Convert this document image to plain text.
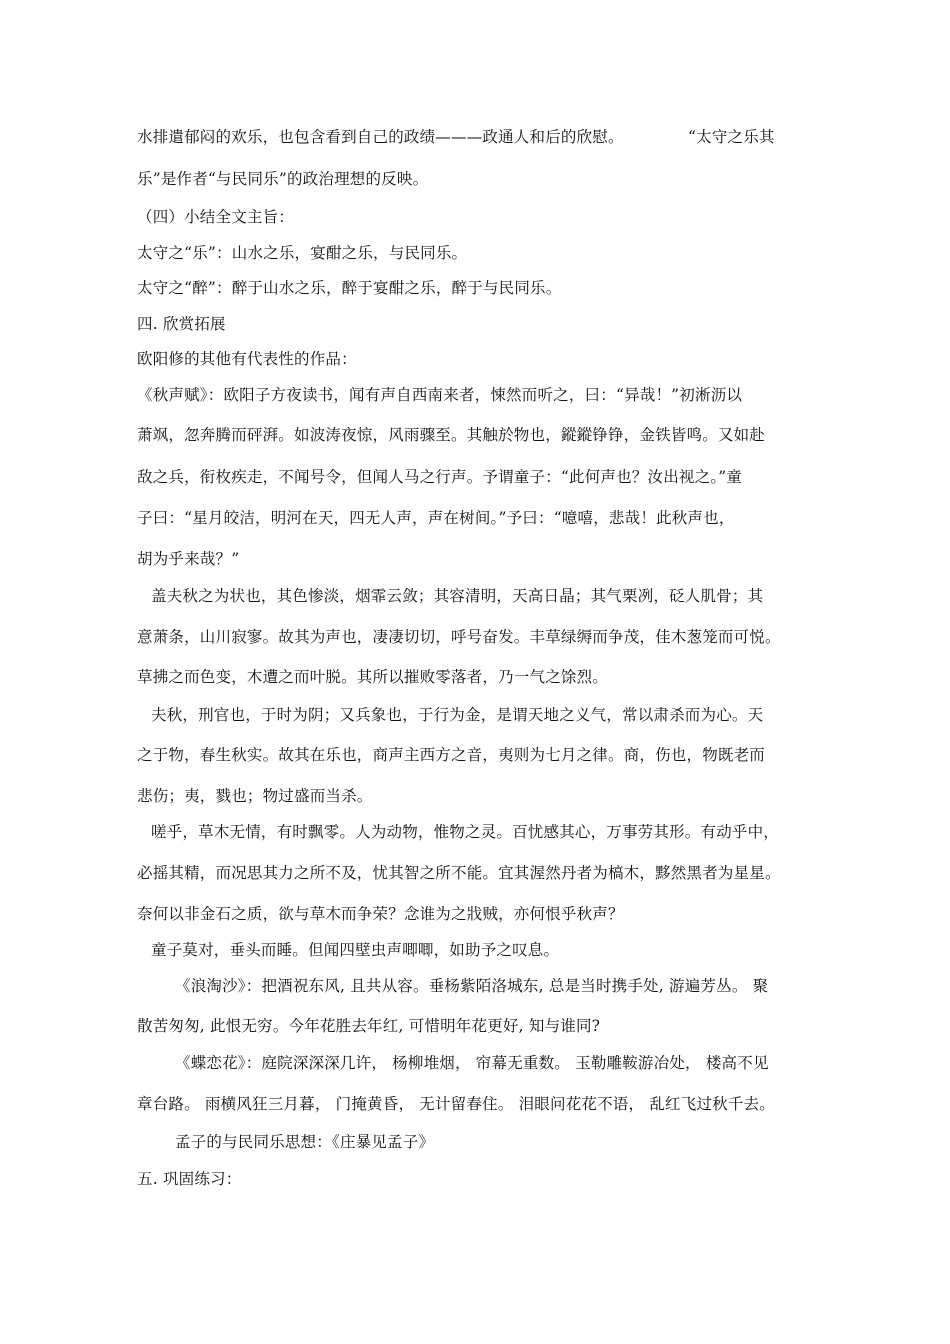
水排遣郁闷的欢乐，也包含看到自己的政绩———政通人和后的欣慰。	“太守之乐其
乐”是作者“与民同乐”的政治理想的反映。
（四）小结全文主旨：
太守之“乐”：山水之乐，宴酣之乐，与民同乐。
太守之“醉”：醉于山水之乐，醉于宴酣之乐，醉于与民同乐。
四. 欣赏拓展
欧阳修的其他有代表性的作品：
《秋声赋》：欧阳子方夜读书，闻有声自西南来者，悚然而听之，曰：“异哉！”初淅沥以
萧飒，忽奔腾而砰湃。如波涛夜惊，风雨骤至。其触於物也，鏦鏦铮铮，金铁皆鸣。又如赴
敌之兵，衔枚疾走，不闻号令，但闻人马之行声。予谓童子：“此何声也？汝出视之。”童
子曰：“星月皎洁，明河在天，四无人声，声在树间。”予曰：“噫嘻，悲哉！此秋声也，
胡为乎来哉？”
盖夫秋之为状也，其色惨淡，烟霏云敛；其容清明，天高日晶；其气栗冽，砭人肌骨；其
意萧条，山川寂寥。故其为声也，凄凄切切，呼号奋发。丰草绿缛而争茂，佳木葱笼而可悦。
草拂之而色变，木遭之而叶脱。其所以摧败零落者，乃一气之馀烈。
夫秋，刑官也，于时为阴；又兵象也，于行为金，是谓天地之义气，常以肃杀而为心。天
之于物，春生秋实。故其在乐也，商声主西方之音，夷则为七月之律。商，伤也，物既老而
悲伤；夷，戮也；物过盛而当杀。
嗟乎，草木无情，有时飘零。人为动物，惟物之灵。百忧感其心，万事劳其形。有动乎中，
必摇其精，而况思其力之所不及，忧其智之所不能。宜其渥然丹者为槁木，黟然黑者为星星。
奈何以非金石之质，欲与草木而争荣？念谁为之戕贼，亦何恨乎秋声？
童子莫对，垂头而睡。但闻四壁虫声唧唧，如助予之叹息。
《浪淘沙》：把酒祝东风, 且共从容。垂杨紫陌洛城东, 总是当时携手处, 游遍芳丛。 聚
散苦匆匆, 此恨无穷。今年花胜去年红, 可惜明年花更好, 知与谁同?
《蝶恋花》：庭院深深深几许， 杨柳堆烟， 帘幕无重数。 玉勒雕鞍游冶处， 楼高不见
章台路。 雨横风狂三月暮， 门掩黄昏， 无计留春住。 泪眼问花花不语， 乱红飞过秋千去。
孟子的与民同乐思想：《庄暴见孟子》
五. 巩固练习：
